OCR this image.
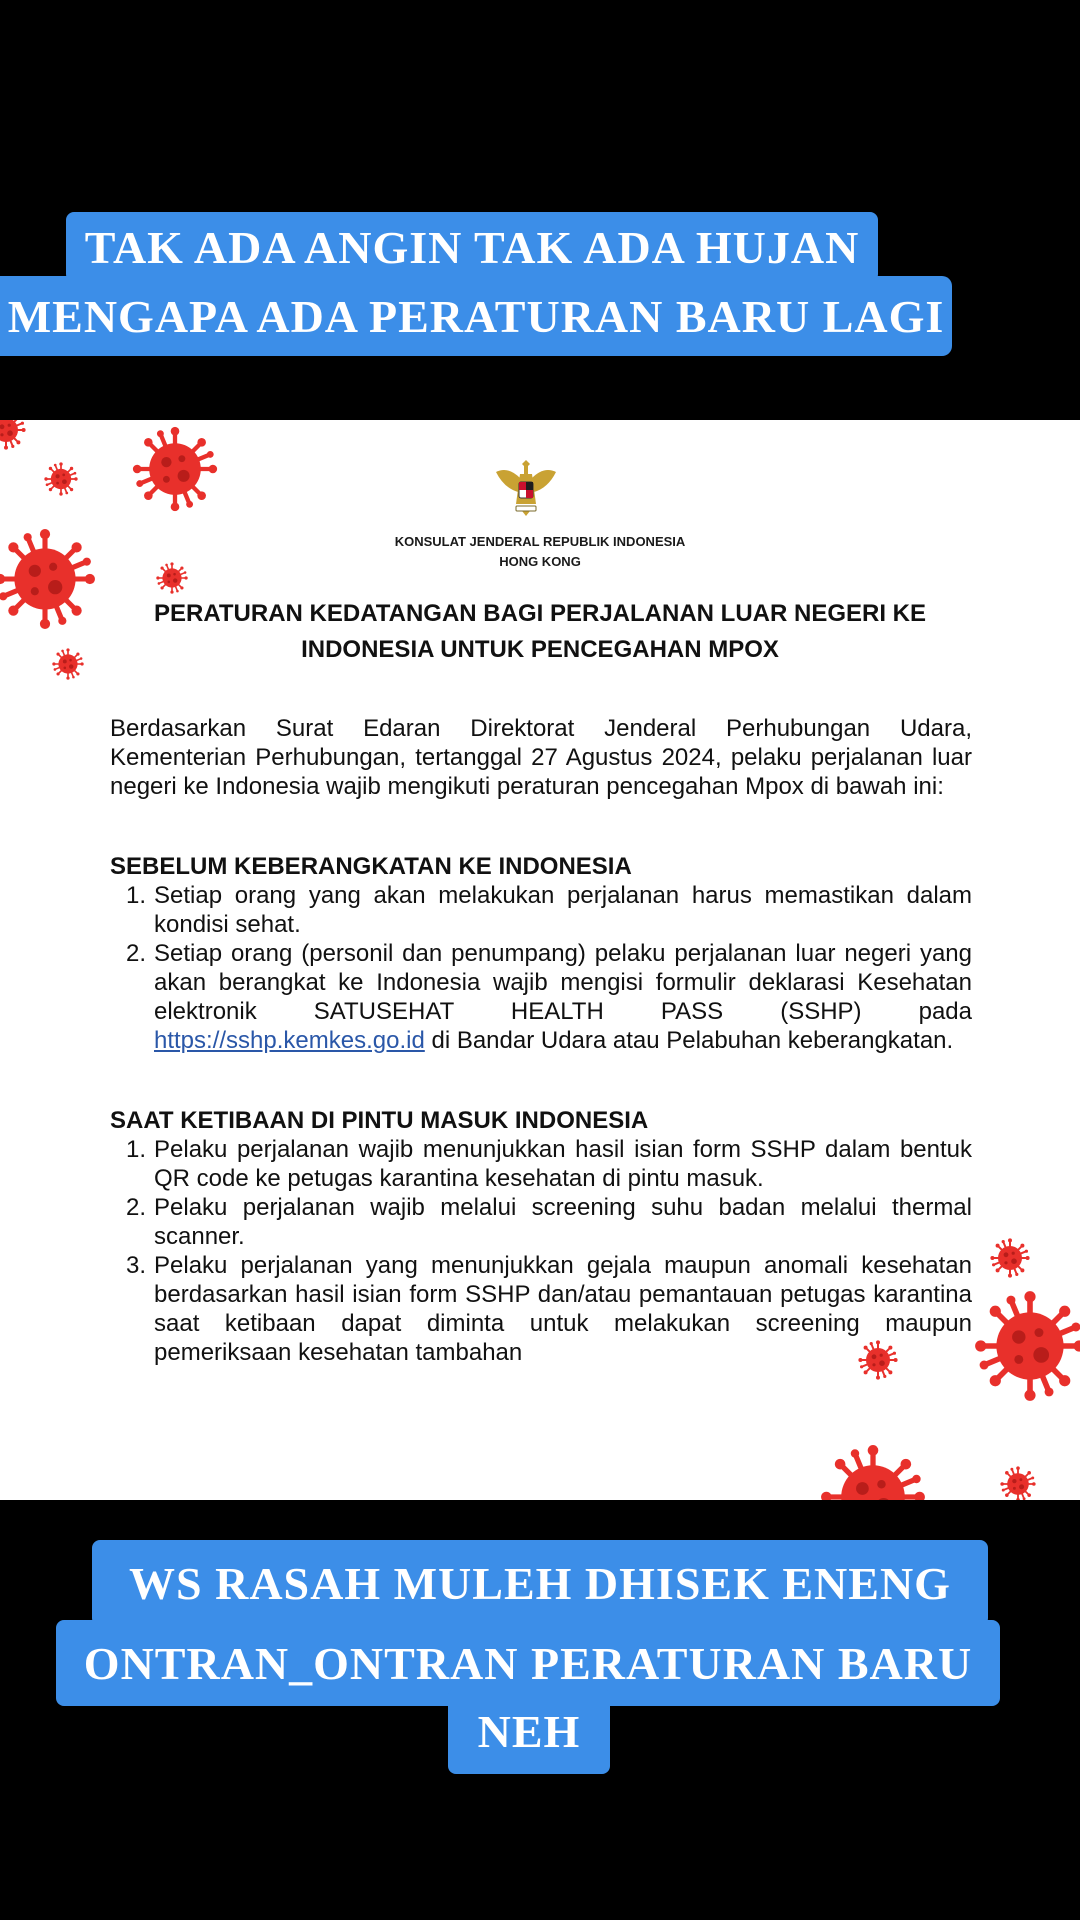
TAK ADA ANGIN TAK ADA HUJAN
MENGAPA ADA PERATURAN BARU LAGI
KONSULAT JENDERAL REPUBLIK INDONESIA
HONG KONG
PERATURAN KEDATANGAN BAGI PERJALANAN LUAR NEGERI KE INDONESIA UNTUK PENCEGAHAN MPOX
Berdasarkan Surat Edaran Direktorat Jenderal Perhubungan Udara, Kementerian Perhubungan, tertanggal 27 Agustus 2024, pelaku perjalanan luar negeri ke Indonesia wajib mengikuti peraturan pencegahan Mpox di bawah ini:
SEBELUM KEBERANGKATAN KE INDONESIA
1. Setiap orang yang akan melakukan perjalanan harus memastikan dalam kondisi sehat.
2. Setiap orang (personil dan penumpang) pelaku perjalanan luar negeri yang akan berangkat ke Indonesia wajib mengisi formulir deklarasi Kesehatan elektronik SATUSEHAT HEALTH PASS (SSHP) pada https://sshp.kemkes.go.id di Bandar Udara atau Pelabuhan keberangkatan.
SAAT KETIBAAN DI PINTU MASUK INDONESIA
1. Pelaku perjalanan wajib menunjukkan hasil isian form SSHP dalam bentuk QR code ke petugas karantina kesehatan di pintu masuk.
2. Pelaku perjalanan wajib melalui screening suhu badan melalui thermal scanner.
3. Pelaku perjalanan yang menunjukkan gejala maupun anomali kesehatan berdasarkan hasil isian form SSHP dan/atau pemantauan petugas karantina saat ketibaan dapat diminta untuk melakukan screening maupun pemeriksaan kesehatan tambahan
WS RASAH MULEH DHISEK ENENG
ONTRAN_ONTRAN PERATURAN BARU
NEH
